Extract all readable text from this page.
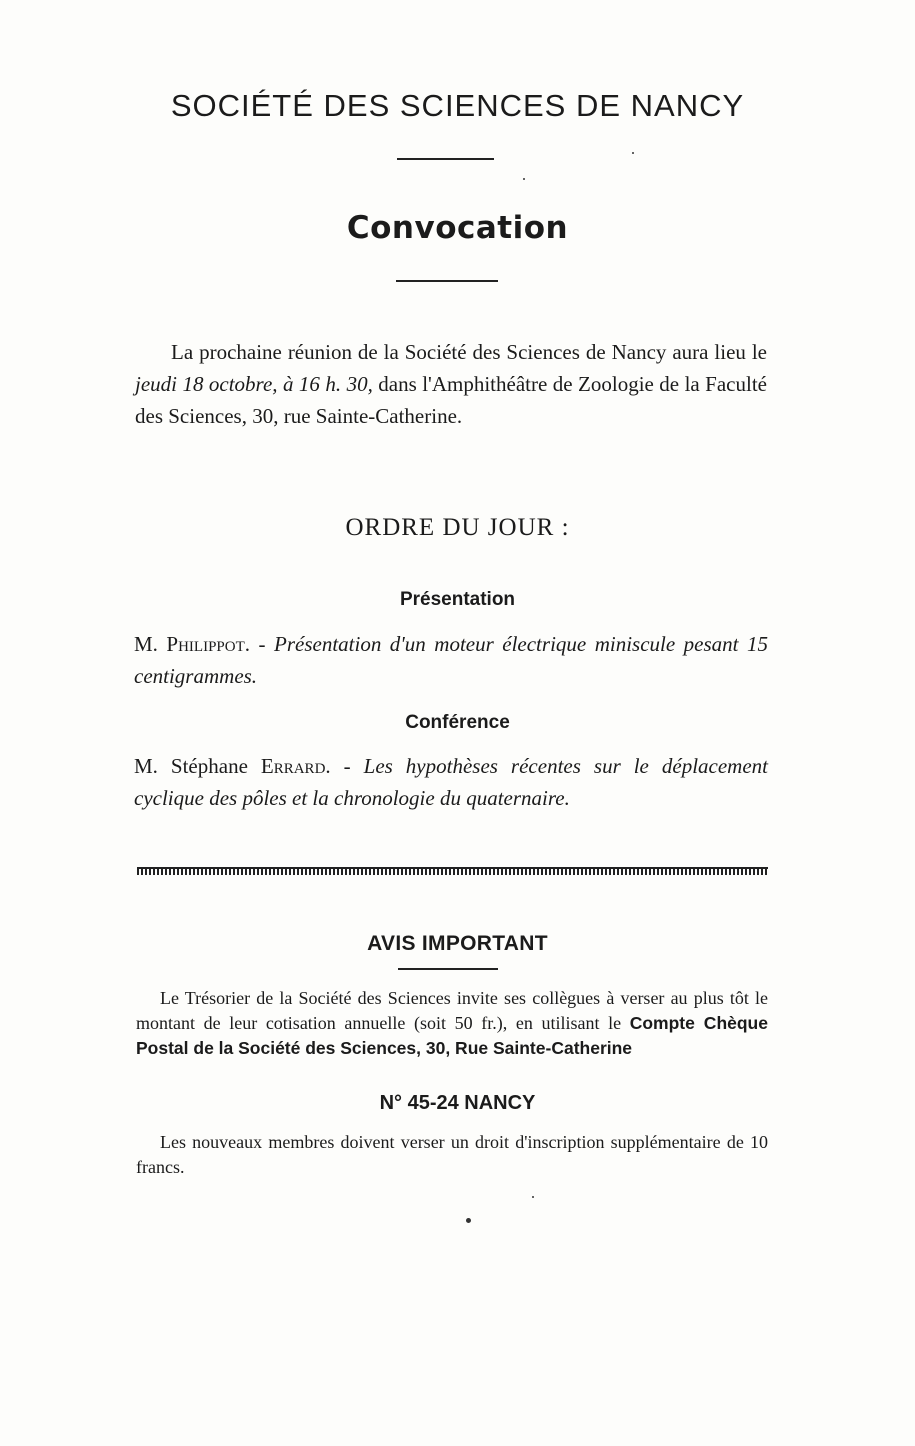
SOCIÉTÉ DES SCIENCES DE NANCY
Convocation
La prochaine réunion de la Société des Sciences de Nancy aura lieu le jeudi 18 octobre, à 16 h. 30, dans l'Amphithéâtre de Zoologie de la Faculté des Sciences, 30, rue Sainte-Catherine.
ORDRE DU JOUR :
Présentation
M. Philippot. - Présentation d'un moteur électrique miniscule pesant 15 centigrammes.
Conférence
M. Stéphane Errard. - Les hypothèses récentes sur le déplacement cyclique des pôles et la chronologie du quaternaire.
AVIS IMPORTANT
Le Trésorier de la Société des Sciences invite ses collègues à verser au plus tôt le montant de leur cotisation annuelle (soit 50 fr.), en utilisant le Compte Chèque Postal de la Société des Sciences, 30, Rue Sainte-Catherine
N° 45-24 NANCY
Les nouveaux membres doivent verser un droit d'inscription supplémentaire de 10 francs.
